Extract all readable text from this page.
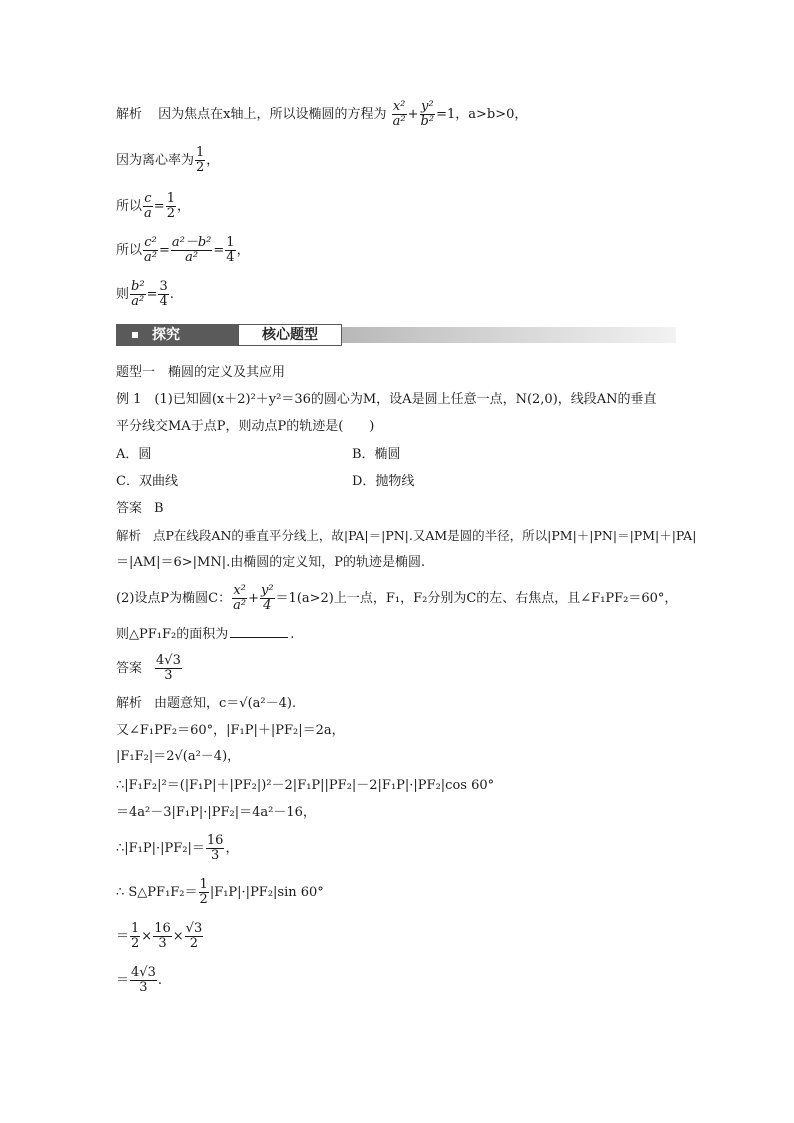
解析 因为焦点在x轴上，所以设椭圆的方程为 $\frac{\text{x²}}{\text{a²}} + \frac{\text{y²}}{\text{b²}} =1$，a>b>0，
因为离心率为 $\frac{1}{2}$ ，
所以 $\frac{c}{a} = \frac{1}{2}$ ，
所以 $\frac{\text{c²}}{\text{a²}} = \frac{\text{a²－b²}}{\text{a²}} = \frac{1}{4}$ ，
则 $\frac{\text{b²}}{\text{a²}} = \frac{3}{4}$ .
探究	核心题型
题型一　椭圆的定义及其应用
例 1　(1)已知圆(x＋2)²＋y²＝36的圆心为M，设A是圆上任意一点，N(2,0)，线段AN的垂直
平分线交MA于点P，则动点P的轨迹是(　　)
A．圆	B．椭圆
C．双曲线	D．抛物线
答案 B
解析 点P在线段AN的垂直平分线上，故|PA|＝|PN|.又AM是圆的半径，所以|PM|＋|PN|＝|PM|＋|PA|
＝|AM|＝6>|MN|.由椭圆的定义知，P的轨迹是椭圆.
(2)设点P为椭圆C： $\frac{\text{x²}}{\text{a²}} + \frac{\text{y²}}{4} =1(a>2)$上一点，F₁，F₂分别为C的左、右焦点，且∠F₁PF₂＝60°，
则△PF₁F₂的面积为	.
答案 $\frac{4√3}{3}$
解析 由题意知，c＝√(a²－4).
又∠F₁PF₂＝60°，|F₁P|＋|PF₂|＝2a，
|F₁F₂|＝2√(a²－4)，
∴|F₁F₂|²＝(|F₁P|＋|PF₂|)²－2|F₁P||PF₂|－2|F₁P|·|PF₂|cos 60°
＝4a²－3|F₁P|·|PF₂|＝4a²－16，
∴|F₁P|·|PF₂|＝ $\frac{16}{3}$ ，
∴ S△PF₁F₂＝ $\frac{1}{2} |F_1P|\cdot|PF_2|\sin$ 60°
＝ $\frac{1}{2} \times \frac{16}{3} \times \frac{√3}{2}$
＝ $\frac{4√3}{3}$ .
